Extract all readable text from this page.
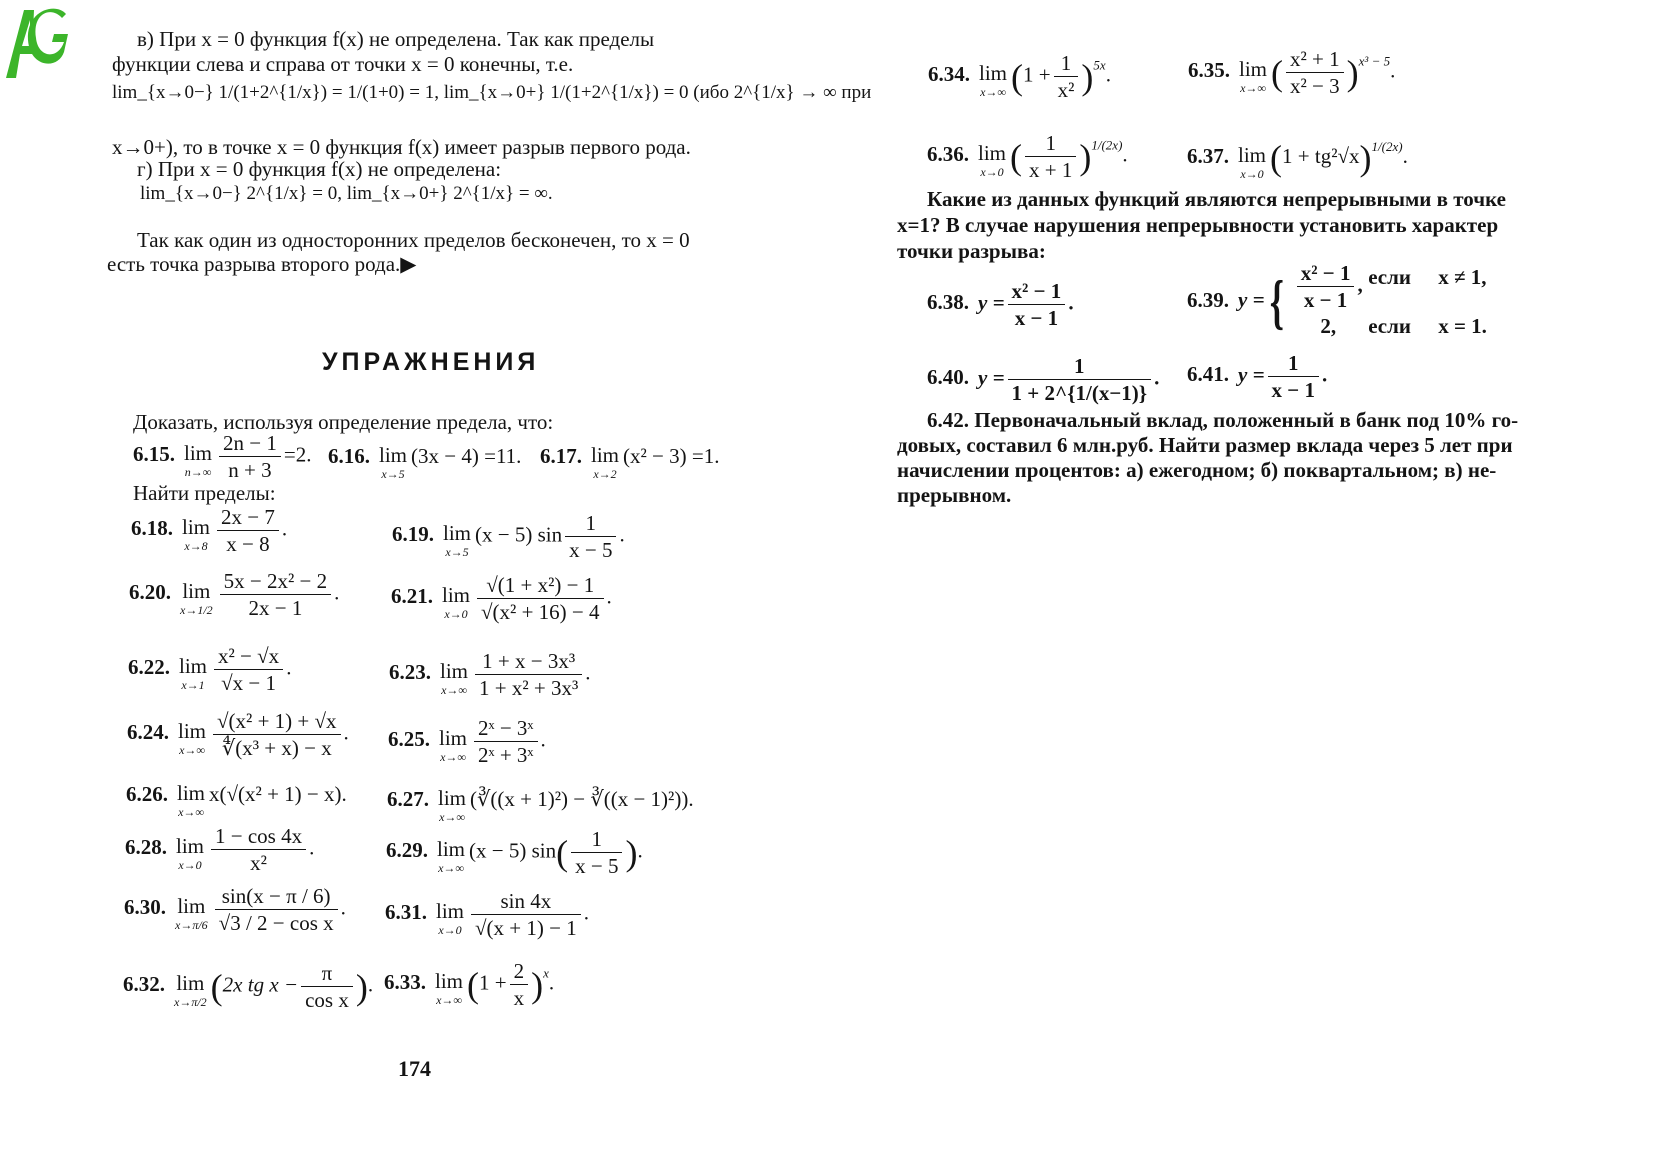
в) При x = 0 функция f(x) не определена. Так как пределы
функции слева и справа от точки x = 0 конечны, т.е.
lim_{x→0−} 1/(1+2^{1/x}) = 1/(1+0) = 1, lim_{x→0+} 1/(1+2^{1/x}) = 0 (ибо 2^{1/x} → ∞ при
x→0+), то в точке x = 0 функция f(x) имеет разрыв первого рода.
г) При x = 0 функция f(x) не определена:
lim_{x→0−} 2^{1/x} = 0, lim_{x→0+} 2^{1/x} = ∞.
Так как один из односторонних пределов бесконечен, то x = 0
есть точка разрыва второго рода.▶
УПРАЖНЕНИЯ
Доказать, используя определение предела, что:
6.15. lim
$n\to\infty \frac{2n - 1}{n + 3} =2$. 6.16. lim
x→5
(3x − 4) =11. 6.17. lim
x→2
(x² − 3) =1.
Найти пределы:
6.18. lim
$x\to 8 \frac{2x - 7}{x - 8}$ .	6.19. lim
x→5
(x − 5) $\sin \frac{1}{x - 5}$ .
6.20. lim
$x\to 1/2 \frac{\text{5x − 2x² − 2}}{2x - 1}$ . 6.21. lim
$x\to 0 \frac{\text{√(1 + x²) − 1}}{\text{√(x² + 16) − 4}}$ .
6.22. lim
$x\to 1 \frac{\text{x² − √x}}{√x - 1}$ .	6.23. lim
$x\to\infty \frac{\text{1 + x − 3x³}}{\text{1 + x² + 3x³}}$ .
6.24. lim
$x\to\infty \frac{\text{√(x² + 1) + √x}}{\text{∜(x³ + x) − x}}$ . 6.25. lim
$x\to\infty \frac{\text{2ˣ − 3ˣ}}{\text{2ˣ + 3ˣ}}$ .
6.26. lim
x→∞
x(√(x² + 1) − x). 6.27. lim
x→∞
(∛((x + 1)²) − ∛((x − 1)²)).
6.28. lim
$x\to 0 \frac{1 - \cos 4x}{\text{x²}}$ .	6.29. lim
x→∞
(x − 5) $\sin( \frac{1}{x - 5}$ ).
6.30. lim
$x\to\pi/6 \frac{\sin(x - \pi / 6)}{\text{√3 / 2 − cos x}}$ . 6.31. lim
$x\to 0 \frac{\sin 4x}{√(x + 1) - 1}$ .
6.32. lim
x→π/2 (2x tg $x - \frac{\pi}{\text{cos x}}$ ). 6.33. lim
x→∞ $(1 + \frac{2}{x} )^x$.
174
6.34. lim
x→∞ $(1 + \frac{1}{\text{x²}} )^{5x}$.	6.35. lim
x→∞ ( $\frac{\text{x² + 1}}{\text{x² − 3}} )^{x^3 - 5}$.
6.36. lim
x→0 ( $\frac{1}{x + 1} )^{1/(2x)}$.	6.37. lim
x→0 $(1 + tg^2√x)^{1/(2x)}$.
Какие из данных функций являются непрерывными в точке
x=1? В случае нарушения непрерывности установить характер
точки разрыва:
6.38. $y = \frac{\text{x² − 1}}{x - 1}$ .	6.39. y ={ $\frac{\text{x² − 1}}{x - 1}$ , если	x ≠ 1,
2,	если	x = 1.
6.40. $y = \frac{1}{1 + 2\^{}\{1/(x-1)\}}$ . 6.41. $y = \frac{1}{x - 1}$ .
6.42. Первоначальный вклад, положенный в банк под 10% го-
довых, составил 6 млн.руб. Найти размер вклада через 5 лет при
начислении процентов: а) ежегодном; б) поквартальном; в) не-
прерывном.
